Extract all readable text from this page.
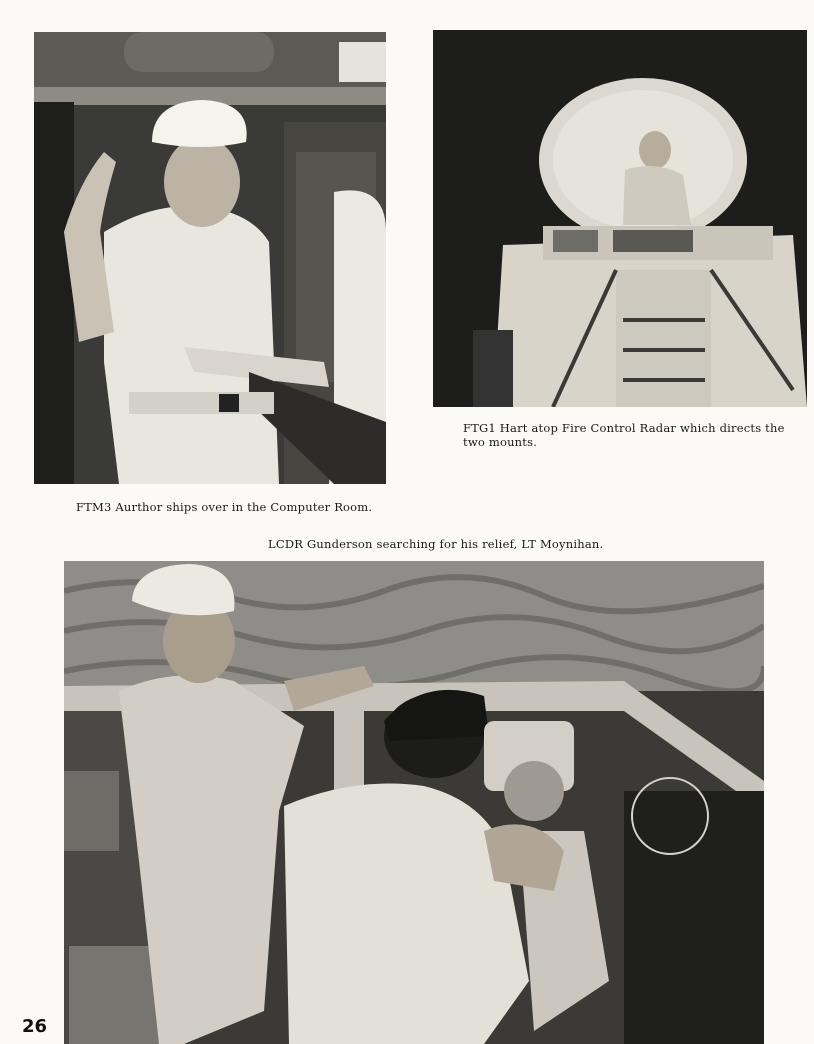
FTG1 Hart atop Fire Control Radar which directs the two mounts.
FTM3 Aurthor ships over in the Computer Room.
LCDR Gunderson searching for his relief, LT Moynihan.
26
